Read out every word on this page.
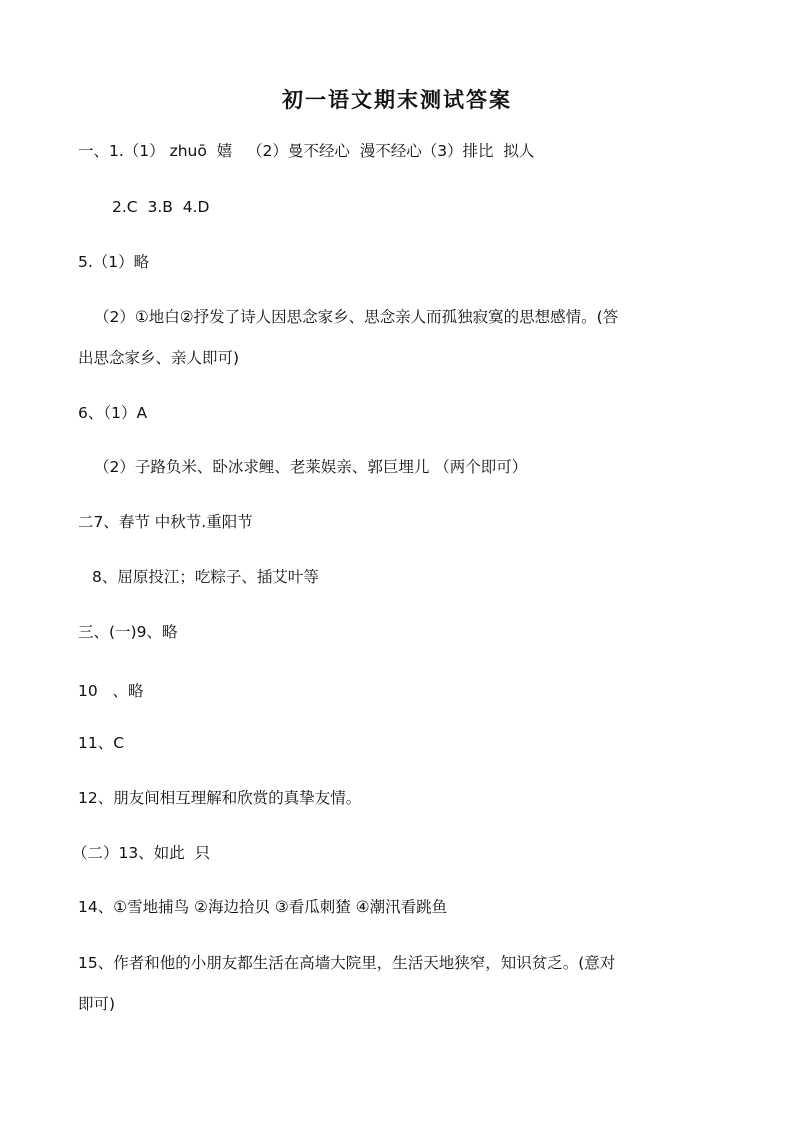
初一语文期末测试答案
一、1.（1） zhuō  嬉   （2）曼不经心  漫不经心（3）排比  拟人
2.C  3.B  4.D
5.（1）略
（2）①地白②抒发了诗人因思念家乡、思念亲人而孤独寂寞的思想感情。(答
出思念家乡、亲人即可)
6、（1）A
（2）子路负米、卧冰求鲤、老莱娱亲、郭巨埋儿 （两个即可）
二7、春节 中秋节.重阳节
8、屈原投江；吃粽子、插艾叶等
三、(一)9、略
10   、略
11、C
12、朋友间相互理解和欣赏的真挚友情。
（二）13、如此  只
14、①雪地捕鸟 ②海边拾贝 ③看瓜刺猹 ④潮汛看跳鱼
15、作者和他的小朋友都生活在高墙大院里，生活天地狭窄，知识贫乏。(意对
即可)
